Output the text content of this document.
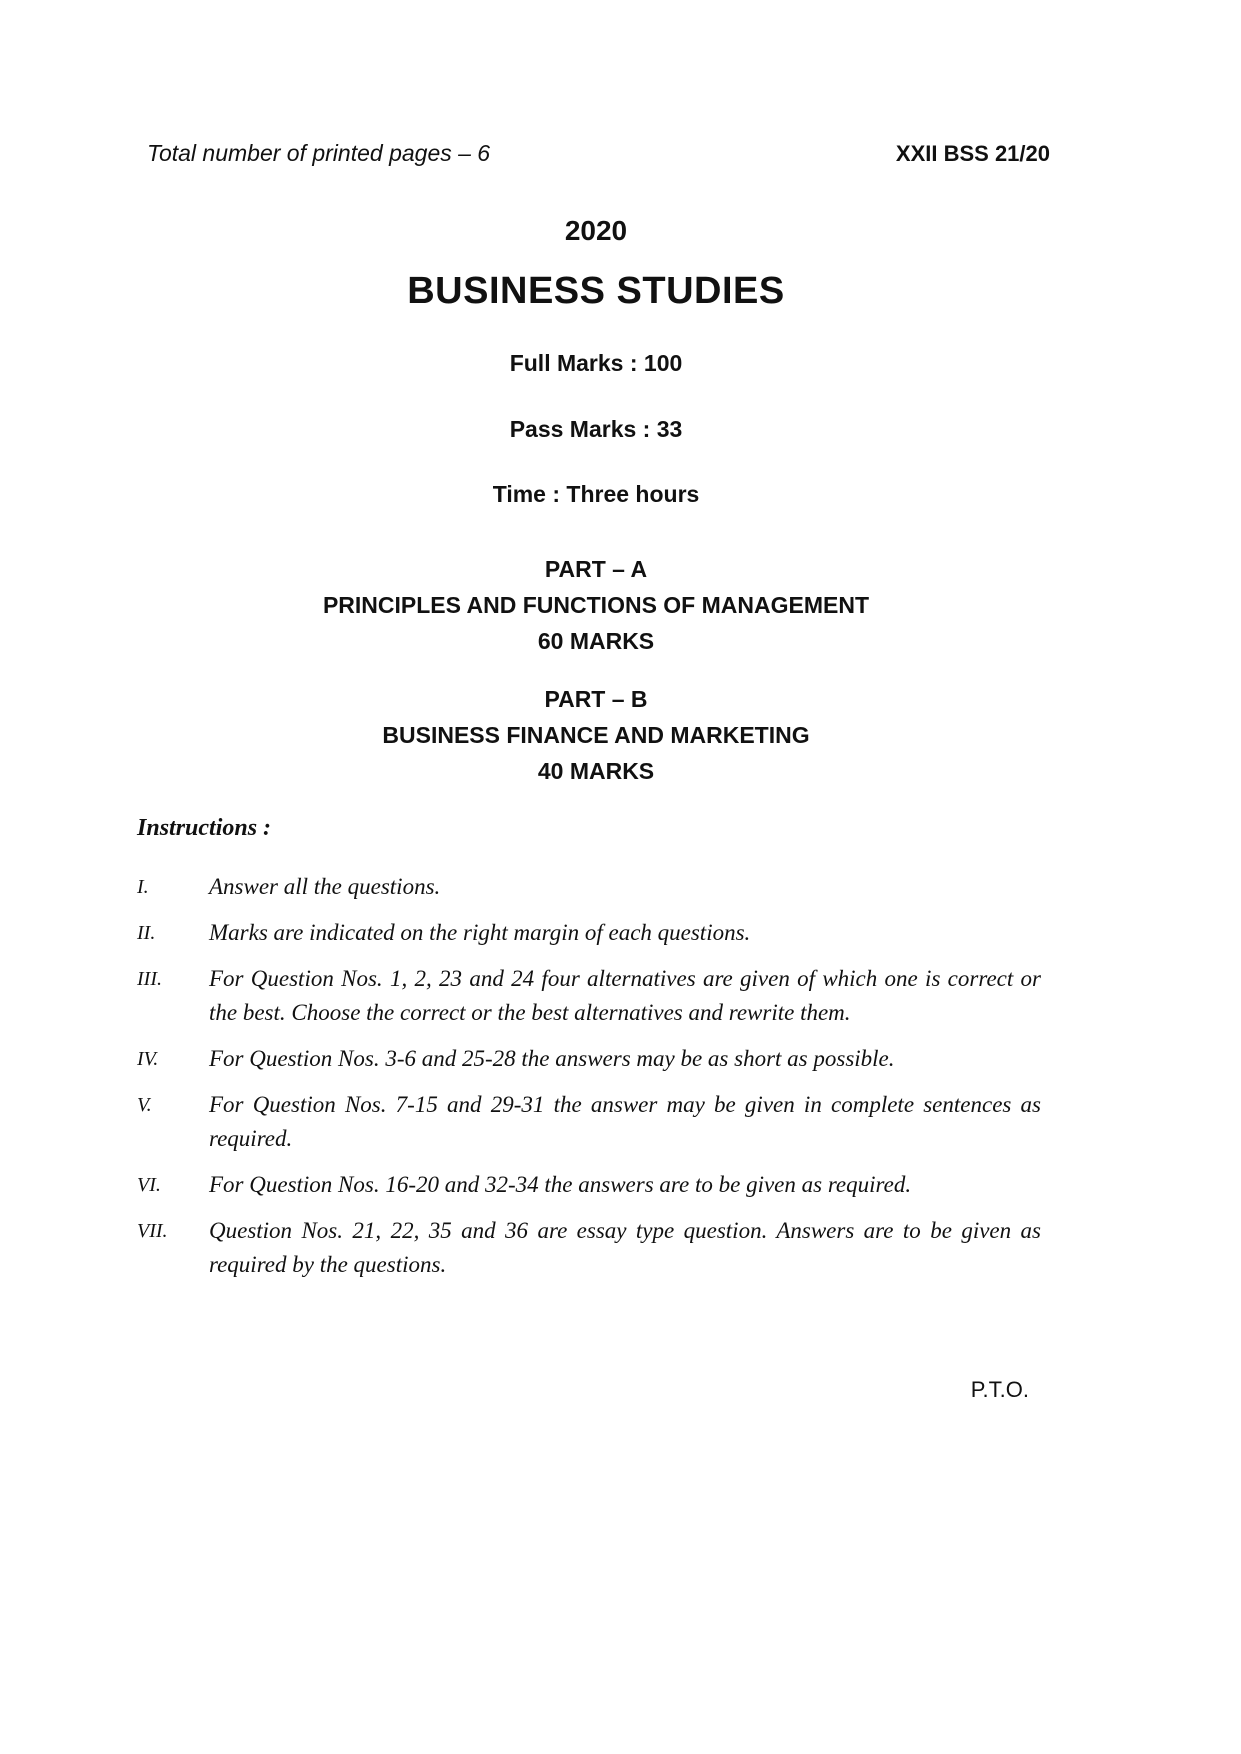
Total number of printed pages – 6	XXII BSS 21/20
2020
BUSINESS STUDIES
Full Marks : 100
Pass Marks : 33
Time : Three hours
PART – A
PRINCIPLES AND FUNCTIONS OF MANAGEMENT
60 MARKS
PART – B
BUSINESS FINANCE AND MARKETING
40 MARKS
Instructions :
I.	Answer all the questions.
II.	Marks are indicated on the right margin of each questions.
III.	For Question Nos. 1, 2, 23 and 24 four alternatives are given of which one is correct or the best. Choose the correct or the best alternatives and rewrite them.
IV.	For Question Nos. 3-6 and 25-28 the answers may be as short as possible.
V.	For Question Nos. 7-15 and 29-31 the answer may be given in complete sentences as required.
VI.	For Question Nos. 16-20 and 32-34 the answers are to be given as required.
VII.	Question Nos. 21, 22, 35 and 36 are essay type question. Answers are to be given as required by the questions.
P.T.O.
